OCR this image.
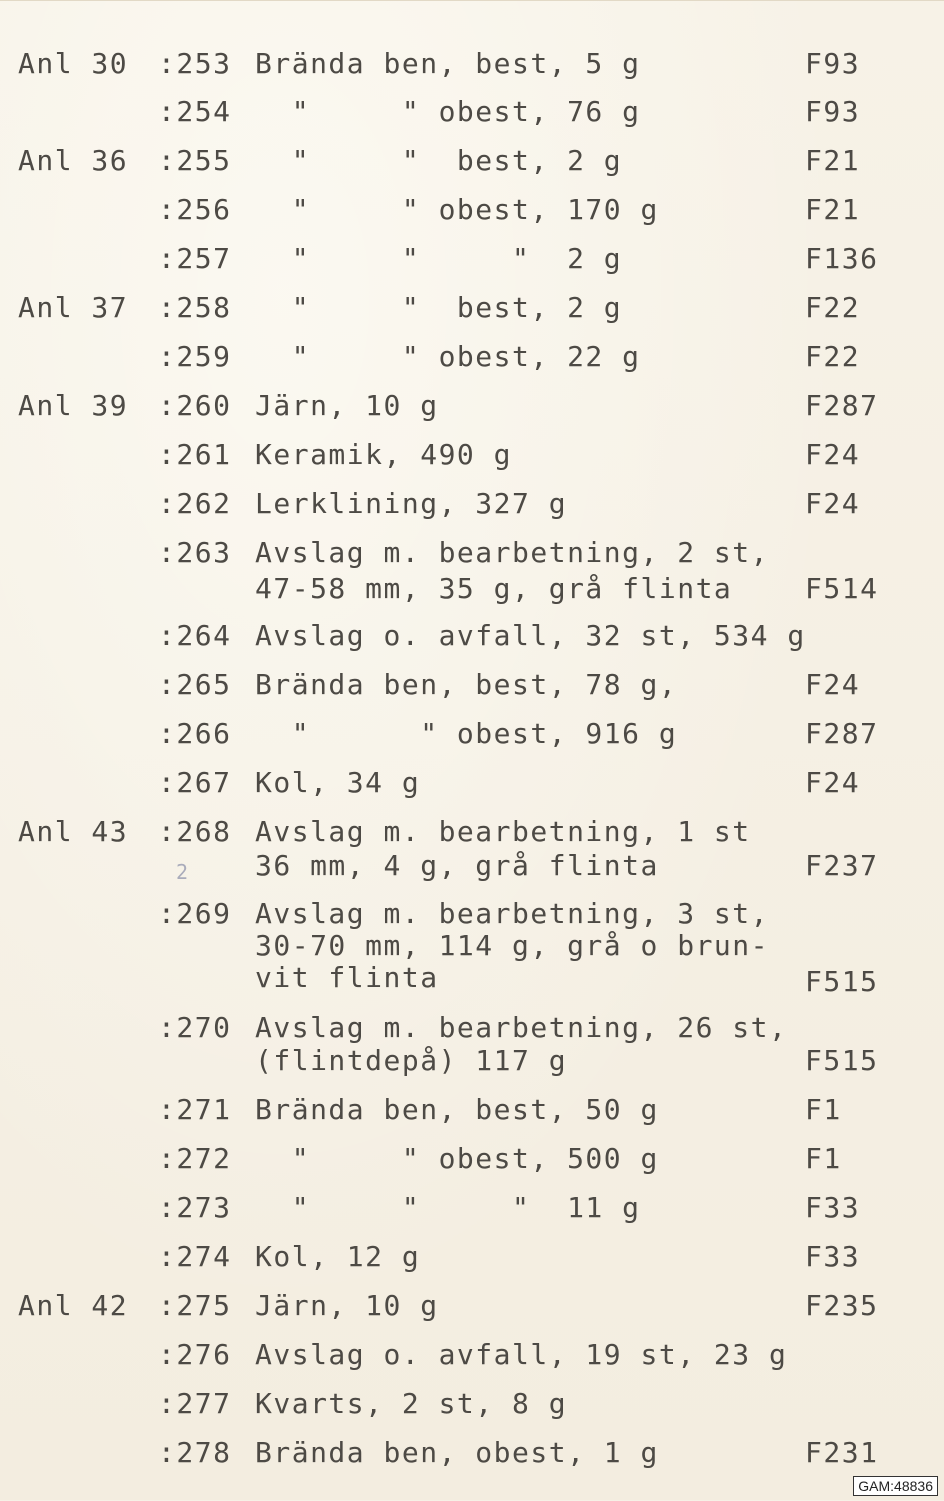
Anl 30 :253 Brända ben, best, 5 g	F93
:254 "     " obest, 76 g	F93
Anl 36 :255 "     "  best, 2 g	F21
:256 "     " obest, 170 g	F21
:257 "     "     "  2 g	F136
Anl 37 :258 "     "  best, 2 g	F22
:259 "     " obest, 22 g	F22
Anl 39 :260 Järn, 10 g	F287
:261 Keramik, 490 g	F24
:262 Lerklining, 327 g	F24
:263 Avslag m. bearbetning, 2 st,
47-58 mm, 35 g, grå flinta	F514
:264 Avslag o. avfall, 32 st, 534 g
:265 Brända ben, best, 78 g,	F24
:266 "      " obest, 916 g	F287
:267 Kol, 34 g	F24
Anl 43 :268 Avslag m. bearbetning, 1 st
36 mm, 4 g, grå flinta	F237
2
:269 Avslag m. bearbetning, 3 st,
30-70 mm, 114 g, grå o brun-
vit flinta	F515
:270 Avslag m. bearbetning, 26 st,
(flintdepå) 117 g	F515
:271 Brända ben, best, 50 g	F1
:272 "     " obest, 500 g	F1
:273 "     "     "  11 g	F33
:274 Kol, 12 g	F33
Anl 42 :275 Järn, 10 g	F235
:276 Avslag o. avfall, 19 st, 23 g
:277 Kvarts, 2 st, 8 g
:278 Brända ben, obest, 1 g	F231
GAM:48836
